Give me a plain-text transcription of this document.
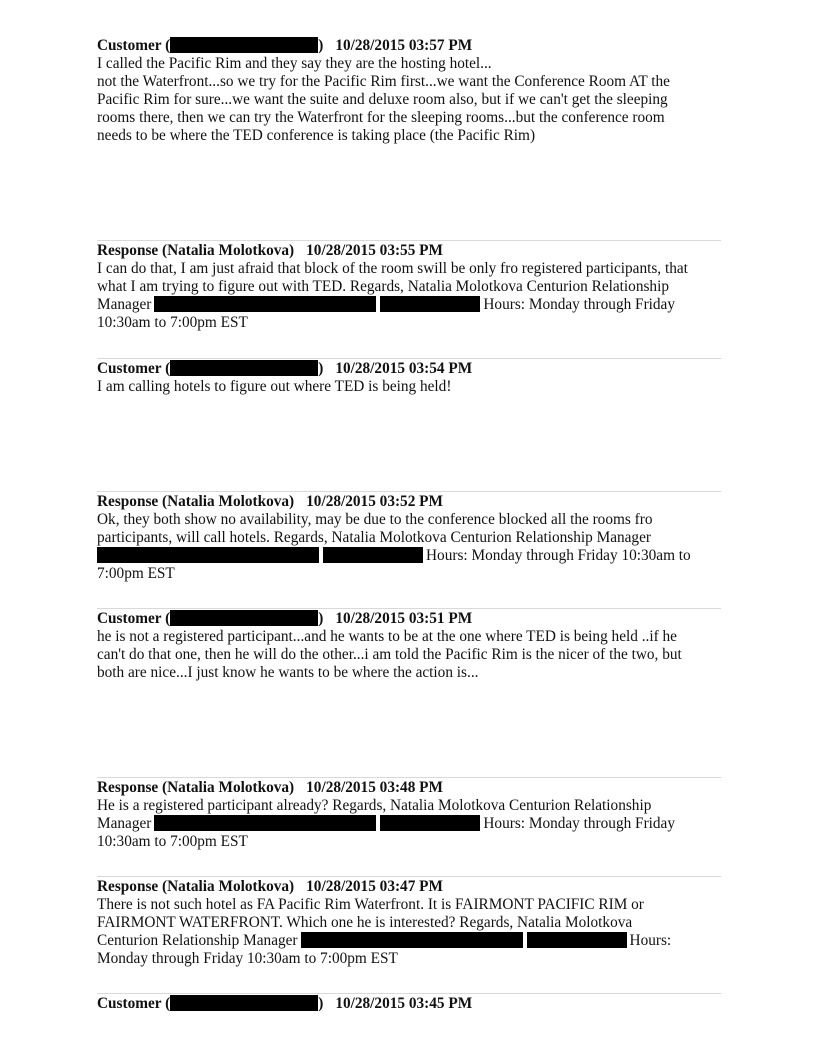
Customer (	) 10/28/2015 03:57 PM
I called the Pacific Rim and they say they are the hosting hotel...
not the Waterfront...so we try for the Pacific Rim first...we want the Conference Room AT the
Pacific Rim for sure...we want the suite and deluxe room also, but if we can't get the sleeping
rooms there, then we can try the Waterfront for the sleeping rooms...but the conference room
needs to be where the TED conference is taking place (the Pacific Rim)
Response (Natalia Molotkova) 10/28/2015 03:55 PM
I can do that, I am just afraid that block of the room swill be only fro registered participants, that
what I am trying to figure out with TED. Regards, Natalia Molotkova Centurion Relationship
Manager	Hours: Monday through Friday
10:30am to 7:00pm EST
Customer (	) 10/28/2015 03:54 PM
I am calling hotels to figure out where TED is being held!
Response (Natalia Molotkova) 10/28/2015 03:52 PM
Ok, they both show no availability, may be due to the conference blocked all the rooms fro
participants, will call hotels. Regards, Natalia Molotkova Centurion Relationship Manager
Hours: Monday through Friday 10:30am to
7:00pm EST
Customer (	) 10/28/2015 03:51 PM
he is not a registered participant...and he wants to be at the one where TED is being held ..if he
can't do that one, then he will do the other...i am told the Pacific Rim is the nicer of the two, but
both are nice...I just know he wants to be where the action is...
Response (Natalia Molotkova) 10/28/2015 03:48 PM
He is a registered participant already? Regards, Natalia Molotkova Centurion Relationship
Manager	Hours: Monday through Friday
10:30am to 7:00pm EST
Response (Natalia Molotkova) 10/28/2015 03:47 PM
There is not such hotel as FA Pacific Rim Waterfront. It is FAIRMONT PACIFIC RIM or
FAIRMONT WATERFRONT. Which one he is interested? Regards, Natalia Molotkova
Centurion Relationship Manager	Hours:
Monday through Friday 10:30am to 7:00pm EST
Customer (	) 10/28/2015 03:45 PM
